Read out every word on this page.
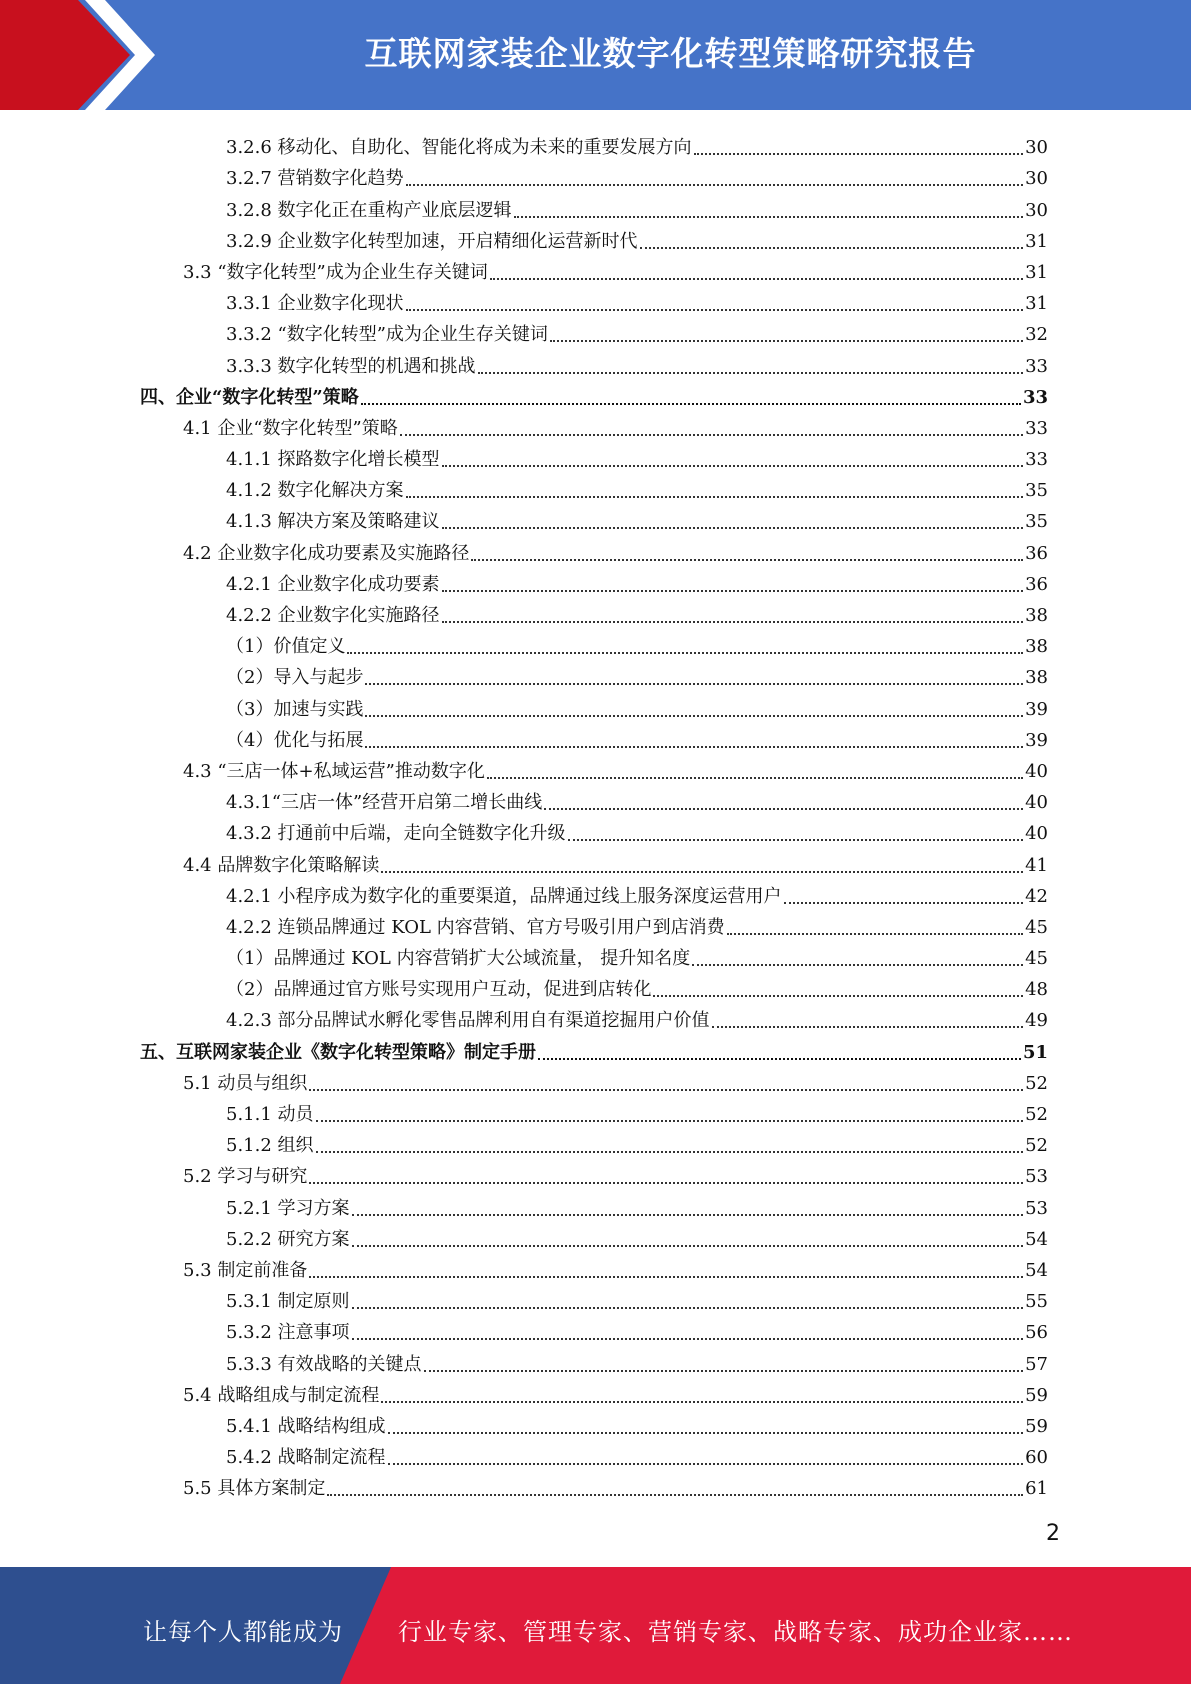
互联网家装企业数字化转型策略研究报告
3.2.6 移动化、自助化、智能化将成为未来的重要发展方向	30
3.2.7 营销数字化趋势	30
3.2.8 数字化正在重构产业底层逻辑	30
3.2.9 企业数字化转型加速，开启精细化运营新时代	31
3.3 “数字化转型”成为企业生存关键词	31
3.3.1 企业数字化现状	31
3.3.2 “数字化转型”成为企业生存关键词	32
3.3.3 数字化转型的机遇和挑战	33
四、企业“数字化转型”策略	33
4.1 企业“数字化转型”策略	33
4.1.1 探路数字化增长模型	33
4.1.2 数字化解决方案	35
4.1.3 解决方案及策略建议	35
4.2 企业数字化成功要素及实施路径	36
4.2.1 企业数字化成功要素	36
4.2.2 企业数字化实施路径	38
（1）价值定义	38
（2）导入与起步	38
（3）加速与实践	39
（4）优化与拓展	39
4.3 “三店一体+私域运营”推动数字化	40
4.3.1“三店一体”经营开启第二增长曲线	40
4.3.2 打通前中后端，走向全链数字化升级	40
4.4 品牌数字化策略解读	41
4.2.1 小程序成为数字化的重要渠道，品牌通过线上服务深度运营用户	42
4.2.2 连锁品牌通过 KOL 内容营销、官方号吸引用户到店消费	45
（1）品牌通过 KOL 内容营销扩大公域流量， 提升知名度	45
（2）品牌通过官方账号实现用户互动，促进到店转化	48
4.2.3 部分品牌试水孵化零售品牌利用自有渠道挖掘用户价值	49
五、互联网家装企业《数字化转型策略》制定手册	51
5.1 动员与组织	52
5.1.1 动员	52
5.1.2 组织	52
5.2 学习与研究	53
5.2.1 学习方案	53
5.2.2 研究方案	54
5.3 制定前准备	54
5.3.1 制定原则	55
5.3.2 注意事项	56
5.3.3 有效战略的关键点	57
5.4 战略组成与制定流程	59
5.4.1 战略结构组成	59
5.4.2 战略制定流程	60
5.5 具体方案制定	61
2
让每个人都能成为 行业专家、管理专家、营销专家、战略专家、成功企业家……
